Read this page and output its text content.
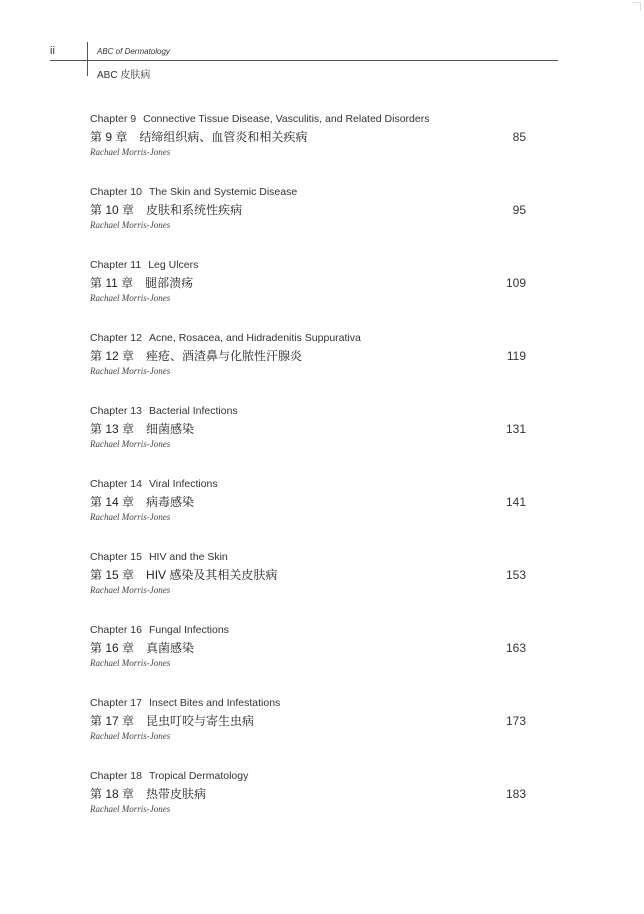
ii	ABC of Dermatology
ABC 皮肤病
Chapter 9 Connective Tissue Disease, Vasculitis, and Related Disorders
第 9 章 结缔组织病、血管炎和相关疾病
Rachael Morris-Jones
85
Chapter 10 The Skin and Systemic Disease
第 10 章 皮肤和系统性疾病
Rachael Morris-Jones
95
Chapter 11 Leg Ulcers
第 11 章 腿部溃疡
Rachael Morris-Jones
109
Chapter 12 Acne, Rosacea, and Hidradenitis Suppurativa
第 12 章 痤疮、酒渣鼻与化脓性汗腺炎
Rachael Morris-Jones
119
Chapter 13 Bacterial Infections
第 13 章 细菌感染
Rachael Morris-Jones
131
Chapter 14 Viral Infections
第 14 章 病毒感染
Rachael Morris-Jones
141
Chapter 15 HIV and the Skin
第 15 章 HIV 感染及其相关皮肤病
Rachael Morris-Jones
153
Chapter 16 Fungal Infections
第 16 章 真菌感染
Rachael Morris-Jones
163
Chapter 17 Insect Bites and Infestations
第 17 章 昆虫叮咬与寄生虫病
Rachael Morris-Jones
173
Chapter 18 Tropical Dermatology
第 18 章 热带皮肤病
Rachael Morris-Jones
183
